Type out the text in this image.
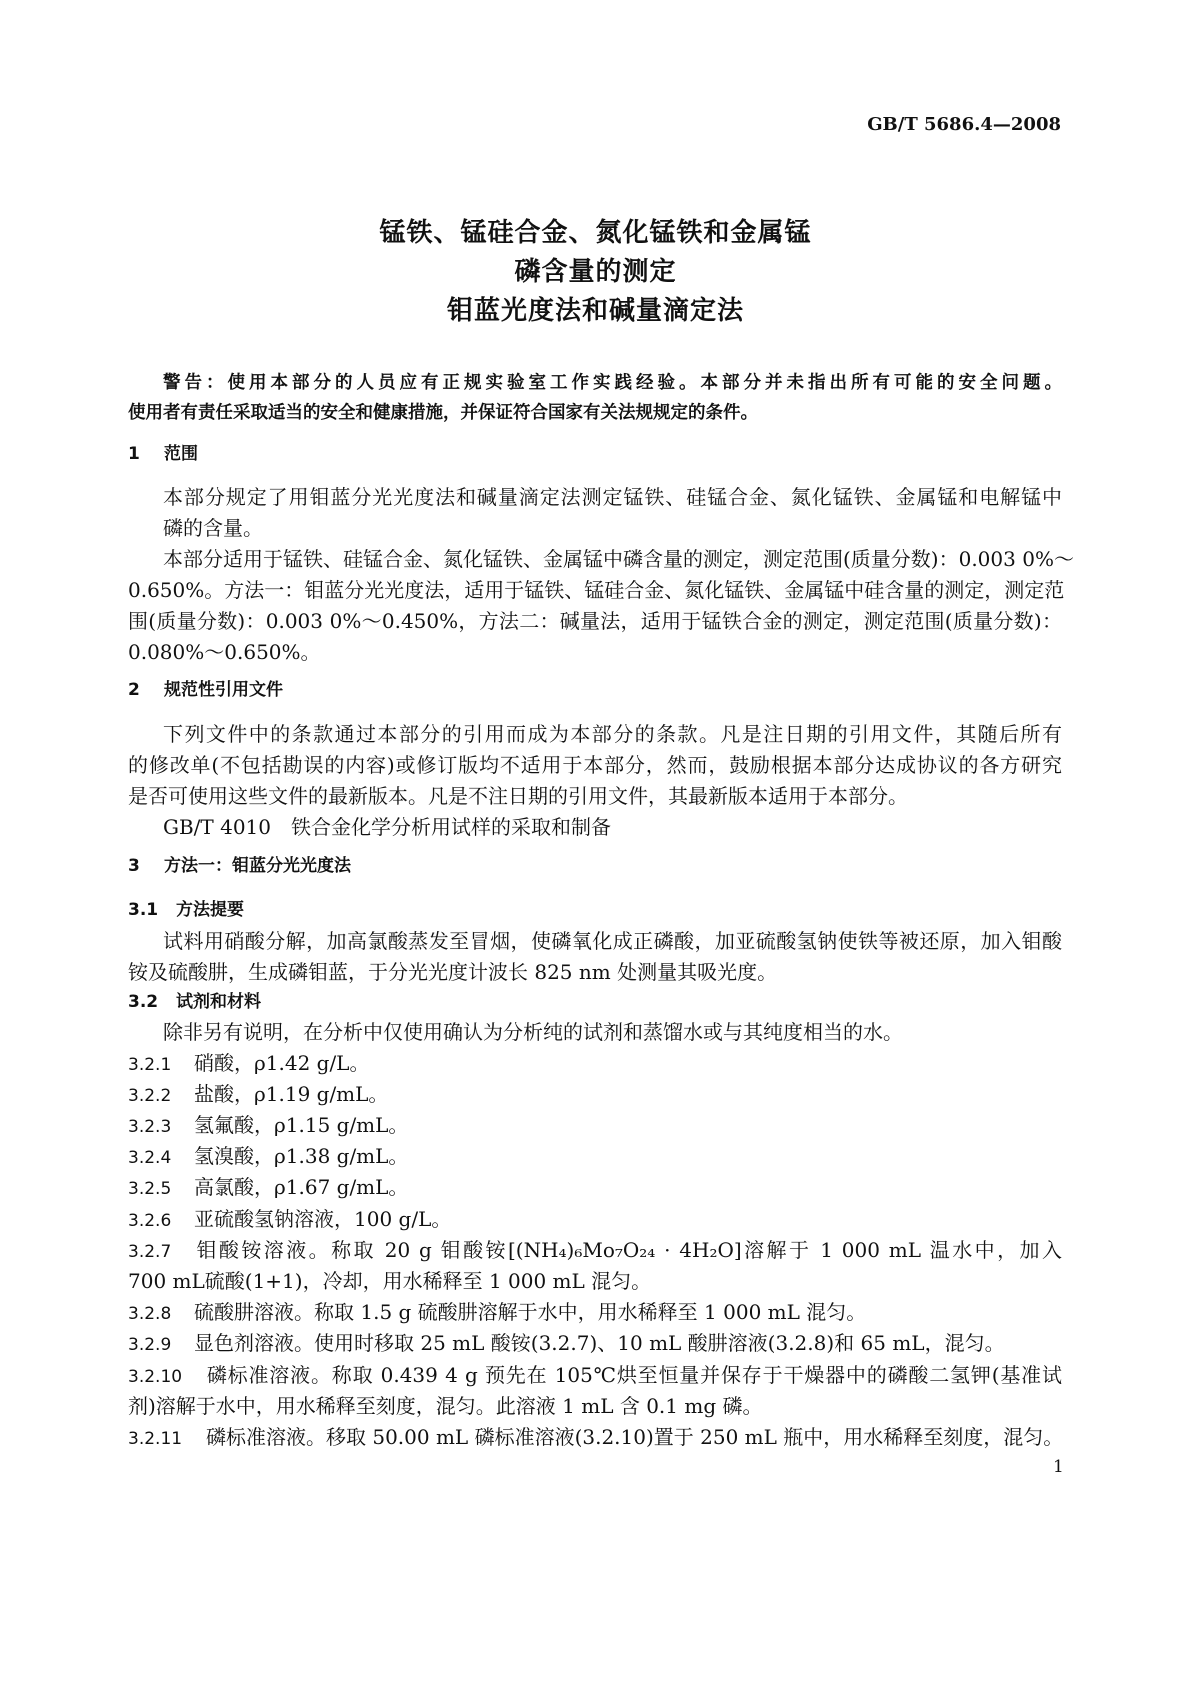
GB/T 5686.4—2008
锰铁、锰硅合金、氮化锰铁和金属锰
磷含量的测定
钼蓝光度法和碱量滴定法
警告：使用本部分的人员应有正规实验室工作实践经验。本部分并未指出所有可能的安全问题。
使用者有责任采取适当的安全和健康措施，并保证符合国家有关法规规定的条件。
1 范围
本部分规定了用钼蓝分光光度法和碱量滴定法测定锰铁、硅锰合金、氮化锰铁、金属锰和电解锰中
磷的含量。
本部分适用于锰铁、硅锰合金、氮化锰铁、金属锰中磷含量的测定，测定范围(质量分数)：0.003 0%～
0.650%。方法一：钼蓝分光光度法，适用于锰铁、锰硅合金、氮化锰铁、金属锰中硅含量的测定，测定范
围(质量分数)：0.003 0%～0.450%，方法二：碱量法，适用于锰铁合金的测定，测定范围(质量分数)：
0.080%～0.650%。
2 规范性引用文件
下列文件中的条款通过本部分的引用而成为本部分的条款。凡是注日期的引用文件，其随后所有
的修改单(不包括勘误的内容)或修订版均不适用于本部分，然而，鼓励根据本部分达成协议的各方研究
是否可使用这些文件的最新版本。凡是不注日期的引用文件，其最新版本适用于本部分。
GB/T 4010　铁合金化学分析用试样的采取和制备
3 方法一：钼蓝分光光度法
3.1 方法提要
试料用硝酸分解，加高氯酸蒸发至冒烟，使磷氧化成正磷酸，加亚硫酸氢钠使铁等被还原，加入钼酸
铵及硫酸肼，生成磷钼蓝，于分光光度计波长 825 nm 处测量其吸光度。
3.2 试剂和材料
除非另有说明，在分析中仅使用确认为分析纯的试剂和蒸馏水或与其纯度相当的水。
3.2.1 硝酸，ρ1.42 g/L。
3.2.2 盐酸，ρ1.19 g/mL。
3.2.3 氢氟酸，ρ1.15 g/mL。
3.2.4 氢溴酸，ρ1.38 g/mL。
3.2.5 高氯酸，ρ1.67 g/mL。
3.2.6 亚硫酸氢钠溶液，100 g/L。
3.2.7 钼酸铵溶液。称取 20 g 钼酸铵[(NH₄)₆Mo₇O₂₄ · 4H₂O]溶解于 1 000 mL 温水中，加入
700 mL硫酸(1+1)，冷却，用水稀释至 1 000 mL 混匀。
3.2.8 硫酸肼溶液。称取 1.5 g 硫酸肼溶解于水中，用水稀释至 1 000 mL 混匀。
3.2.9 显色剂溶液。使用时移取 25 mL 酸铵(3.2.7)、10 mL 酸肼溶液(3.2.8)和 65 mL，混匀。
3.2.10 磷标准溶液。称取 0.439 4 g 预先在 105℃烘至恒量并保存于干燥器中的磷酸二氢钾(基准试
剂)溶解于水中，用水稀释至刻度，混匀。此溶液 1 mL 含 0.1 mg 磷。
3.2.11 磷标准溶液。移取 50.00 mL 磷标准溶液(3.2.10)置于 250 mL 瓶中，用水稀释至刻度，混匀。
1
